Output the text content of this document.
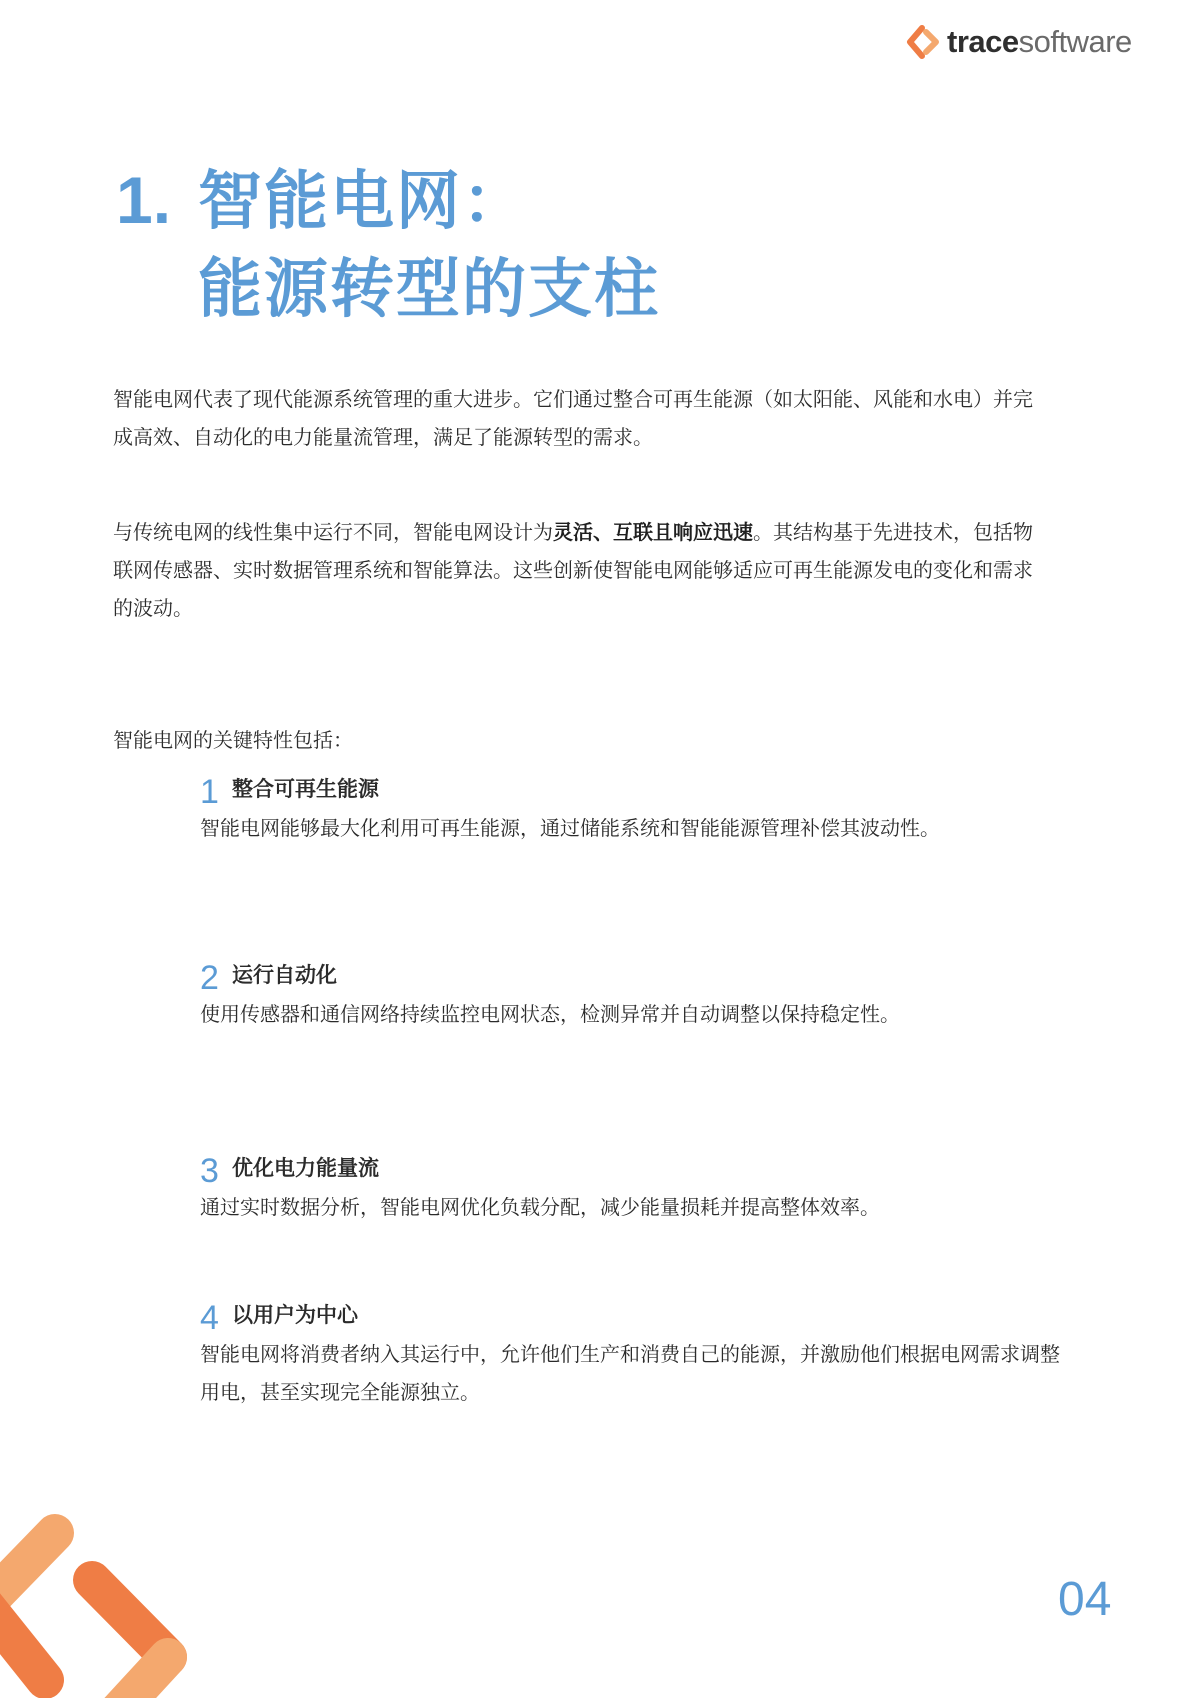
tracesoftware
1. 智能电网：
能源转型的支柱

智能电网代表了现代能源系统管理的重大进步。它们通过整合可再生能源（如太阳能、风能和水电）并完成高效、自动化的电力能量流管理，满足了能源转型的需求。

与传统电网的线性集中运行不同，智能电网设计为灵活、互联且响应迅速。其结构基于先进技术，包括物联网传感器、实时数据管理系统和智能算法。这些创新使智能电网能够适应可再生能源发电的变化和需求的波动。

智能电网的关键特性包括：

1 整合可再生能源

智能电网能够最大化利用可再生能源，通过储能系统和智能能源管理补偿其波动性。

2 运行自动化

使用传感器和通信网络持续监控电网状态，检测异常并自动调整以保持稳定性。

3 优化电力能量流

通过实时数据分析，智能电网优化负载分配，减少能量损耗并提高整体效率。

4 以用户为中心

智能电网将消费者纳入其运行中，允许他们生产和消费自己的能源，并激励他们根据电网需求调整用电，甚至实现完全能源独立。

04
